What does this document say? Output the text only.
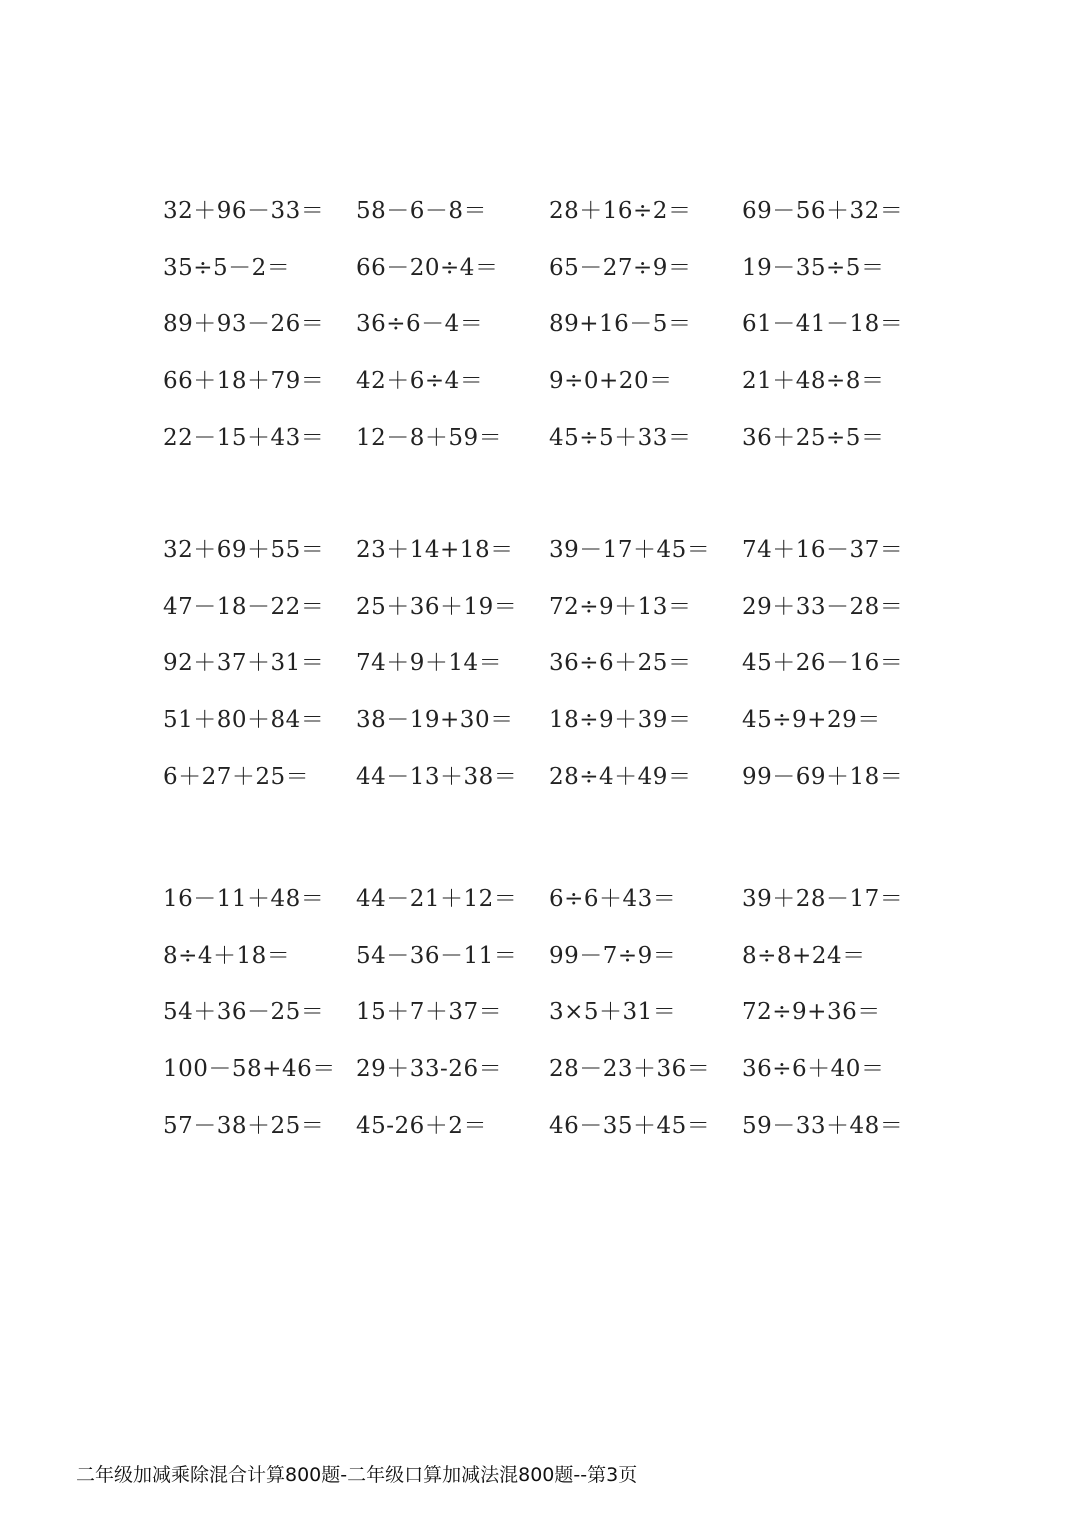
32＋96－33＝	58－6－8＝	28＋16÷2＝	69－56＋32＝
35÷5－2＝	66－20÷4＝	65－27÷9＝	19－35÷5＝
89＋93－26＝	36÷6－4＝	89+16－5＝	61－41－18＝
66＋18＋79＝	42＋6÷4＝	9÷0+20＝	21＋48÷8＝
22－15＋43＝	12－8＋59＝	45÷5＋33＝	36＋25÷5＝
32＋69＋55＝	23＋14+18＝	39－17＋45＝	74＋16－37＝
47－18－22＝	25＋36＋19＝	72÷9＋13＝	29＋33－28＝
92＋37＋31＝	74＋9＋14＝	36÷6＋25＝	45＋26－16＝
51＋80＋84＝	38－19+30＝	18÷9＋39＝	45÷9+29＝
6＋27＋25＝	44－13＋38＝	28÷4＋49＝	99－69＋18＝
16－11＋48＝	44－21＋12＝	6÷6＋43＝	39＋28－17＝
8÷4＋18＝	54－36－11＝	99－7÷9＝	8÷8+24＝
54＋36－25＝	15＋7＋37＝	3×5＋31＝	72÷9+36＝
100－58+46＝ 29＋33-26＝	28－23＋36＝	36÷6＋40＝
57－38＋25＝	45-26＋2＝	46－35＋45＝	59－33＋48＝
二年级加减乘除混合计算800题-二年级口算加减法混800题--第3页
